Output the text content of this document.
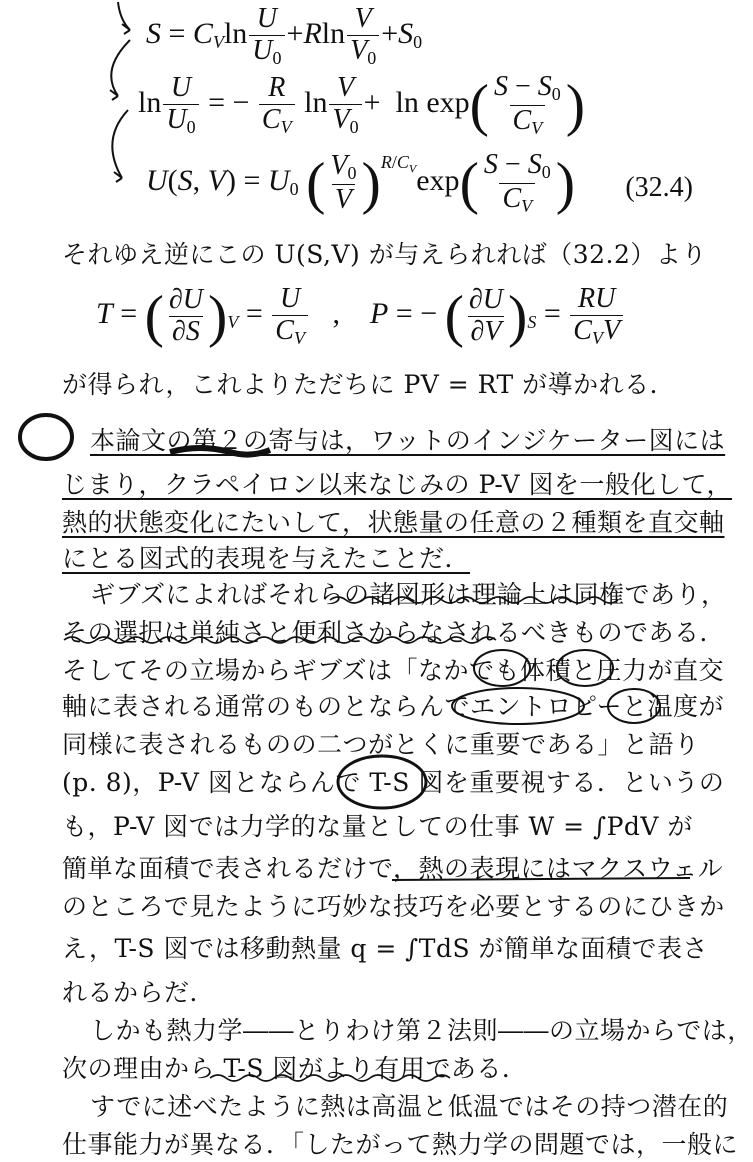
$S = C_V\ln \frac{U}{U_0} +Rln \frac{V}{V_0} +S_0$
$\ln \frac{U}{U_0}$ = − $\frac{R}{C_V}$ $\ln \frac{V}{V_0} + \ln \exp( \frac{S - S_0}{C_V}$ )
U(S, $V) = U_0$ ( $\frac{V_0}{V} )^{R/C_V}\exp( \frac{S - S_0}{C_V}$ ) (32.4)
それゆえ逆にこの U(S,V) が与えられれば（32.2）より
T = ( $\frac{\partial U}{\partial S} )_V = \frac{U}{C_V}$ ,    P = − ( $\frac{\partial U}{\partial V} )_S = \frac{RU}{C_VV}$
が得られ，これよりただちに PV = RT が導かれる．
本論文の第２の寄与は，ワットのインジケーター図には
じまり，クラペイロン以来なじみの P-V 図を一般化して，
熱的状態変化にたいして，状態量の任意の２種類を直交軸
にとる図式的表現を与えたことだ．
ギブズによればそれらの諸図形は理論上は同権であり，
その選択は単純さと便利さからなされるべきものである．
そしてその立場からギブズは「なかでも体積と圧力が直交
軸に表される通常のものとならんでエントロピーと温度が
同様に表されるものの二つがとくに重要である」と語り
(p. 8)，P-V 図とならんで T-S 図を重要視する．というの
も，P-V 図では力学的な量としての仕事 W = ∫PdV が
簡単な面積で表されるだけで，熱の表現にはマクスウェル
のところで見たように巧妙な技巧を必要とするのにひきか
え，T-S 図では移動熱量 q = ∫TdS が簡単な面積で表さ
れるからだ．
しかも熱力学――とりわけ第２法則――の立場からでは，
次の理由から T-S 図がより有用である．
すでに述べたように熱は高温と低温ではその持つ潜在的
仕事能力が異なる．「したがって熱力学の問題では，一般に
